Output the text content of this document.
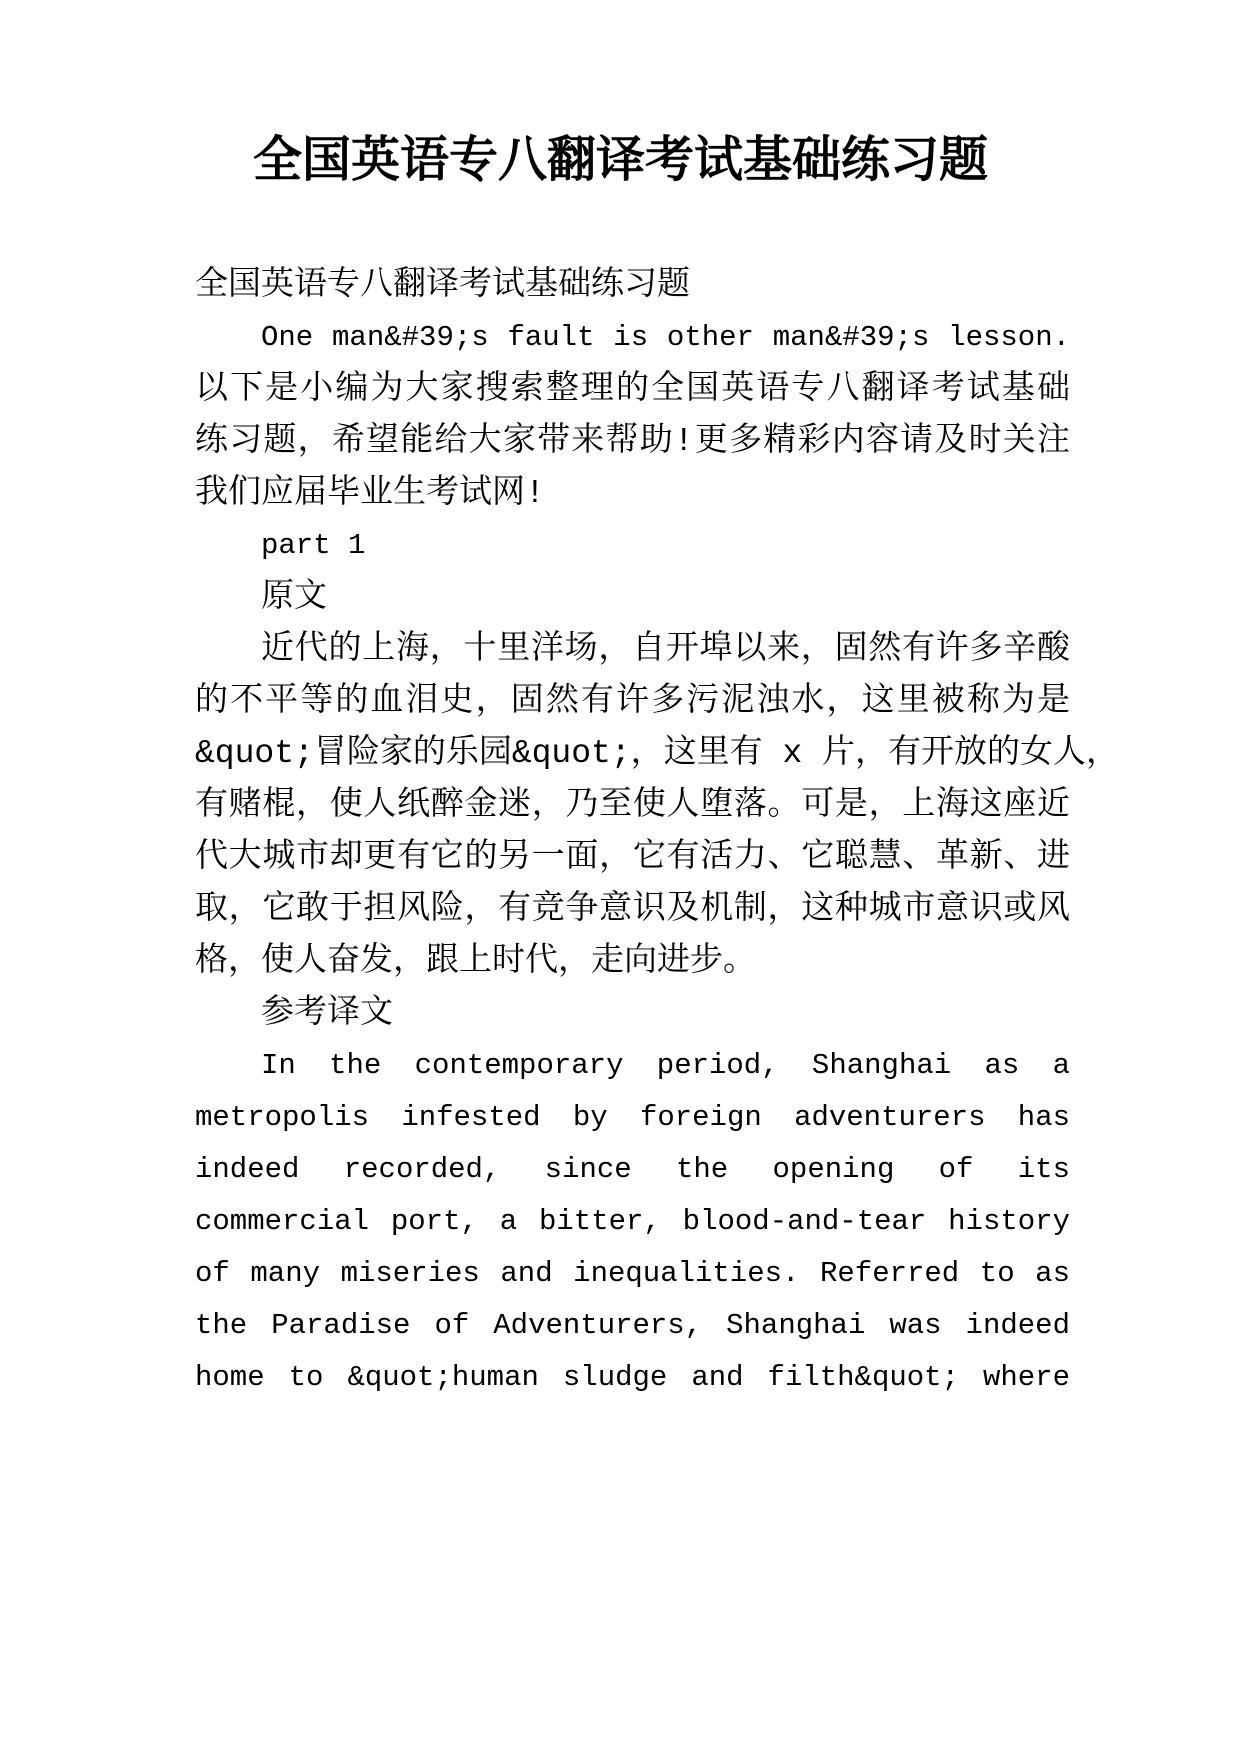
全国英语专八翻译考试基础练习题
全国英语专八翻译考试基础练习题
One man&#39;s fault is other man&#39;s lesson.
以下是小编为大家搜索整理的全国英语专八翻译考试基础
练习题，希望能给大家带来帮助!更多精彩内容请及时关注
我们应届毕业生考试网!
part 1
原文
近代的上海，十里洋场，自开埠以来，固然有许多辛酸
的不平等的血泪史，固然有许多污泥浊水，这里被称为是
&quot;冒险家的乐园&quot;，这里有 x 片，有开放的女人，
有赌棍，使人纸醉金迷，乃至使人堕落。可是，上海这座近
代大城市却更有它的另一面，它有活力、它聪慧、革新、进
取，它敢于担风险，有竞争意识及机制，这种城市意识或风
格，使人奋发，跟上时代，走向进步。
参考译文
In the contemporary period, Shanghai as a
metropolis infested by foreign adventurers has
indeed recorded, since the opening of its
commercial port, a bitter, blood-and-tear history
of many miseries and inequalities. Referred to as
the Paradise of Adventurers, Shanghai was indeed
home to &quot;human sludge and filth&quot; where
